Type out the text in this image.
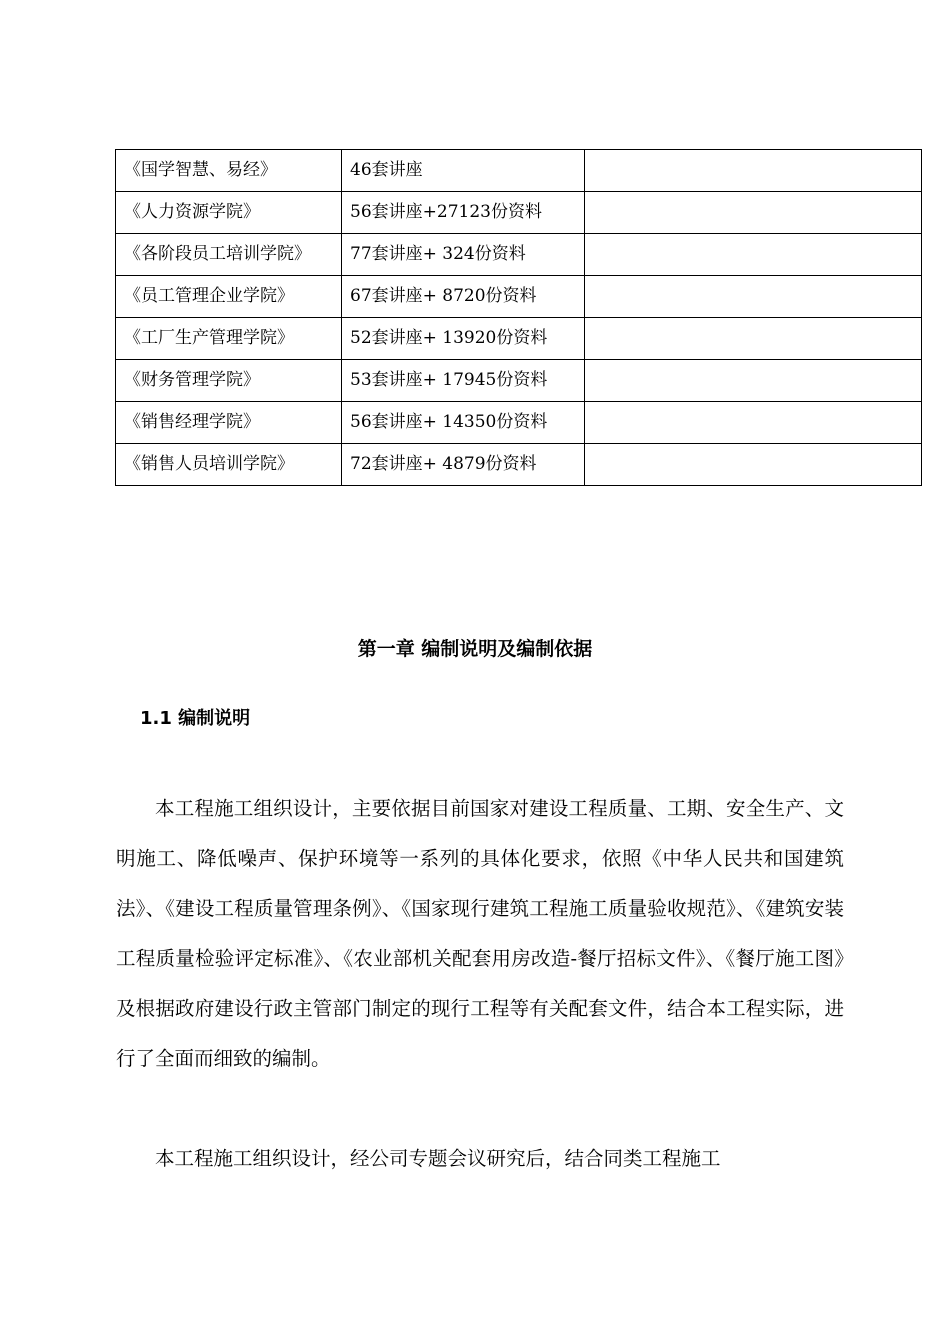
《国学智慧、易经》	46套讲座	
《人力资源学院》	56套讲座+27123份资料	
《各阶段员工培训学院》	77套讲座+ 324份资料	
《员工管理企业学院》	67套讲座+ 8720份资料	
《工厂生产管理学院》	52套讲座+ 13920份资料	
《财务管理学院》	53套讲座+ 17945份资料	
《销售经理学院》	56套讲座+ 14350份资料	
《销售人员培训学院》	72套讲座+ 4879份资料	
第一章 编制说明及编制依据
1.1 编制说明

本工程施工组织设计，主要依据目前国家对建设工程质量、工期、安全生产、文明施工、降低噪声、保护环境等一系列的具体化要求，依照《中华人民共和国建筑法》、《建设工程质量管理条例》、《国家现行建筑工程施工质量验收规范》、《建筑安装工程质量检验评定标准》、《农业部机关配套用房改造-餐厅招标文件》、《餐厅施工图》及根据政府建设行政主管部门制定的现行工程等有关配套文件，结合本工程实际，进行了全面而细致的编制。

本工程施工组织设计，经公司专题会议研究后，结合同类工程施工
